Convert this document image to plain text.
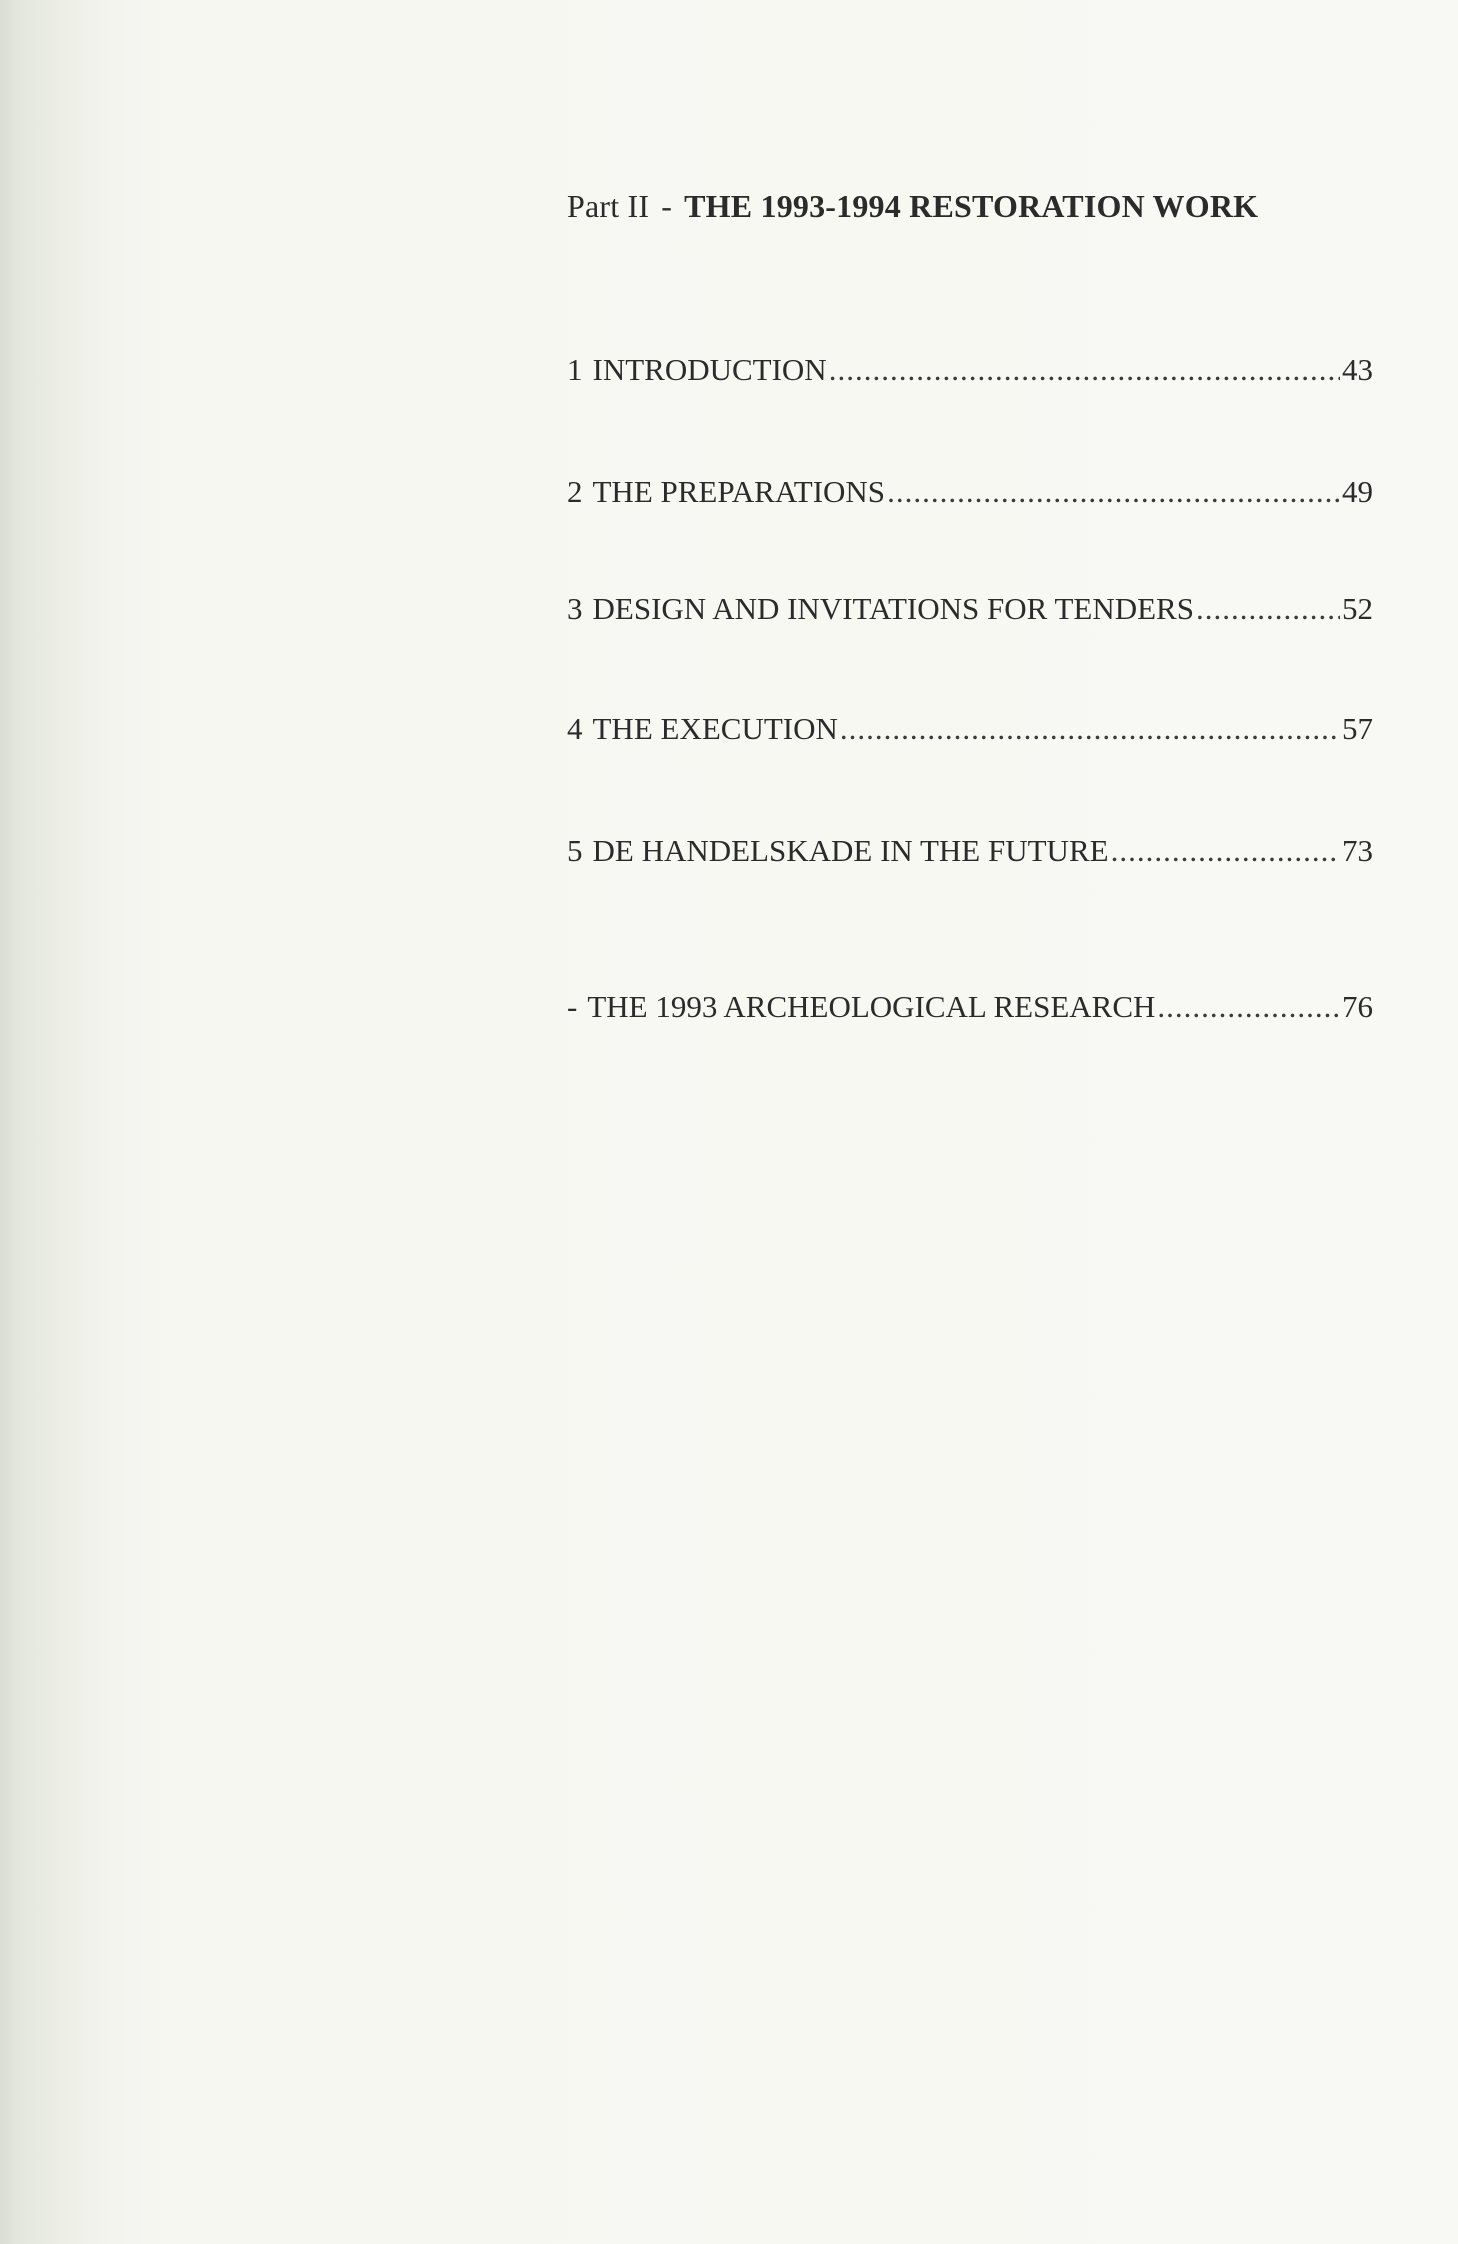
Part II - THE 1993-1994 RESTORATION WORK
1 INTRODUCTION .....	43
2 THE PREPARATIONS .....	49
3 DESIGN AND INVITATIONS FOR TENDERS .....	52
4 THE EXECUTION .....	57
5 DE HANDELSKADE IN THE FUTURE .....	73
- THE 1993 ARCHEOLOGICAL RESEARCH .....	76
